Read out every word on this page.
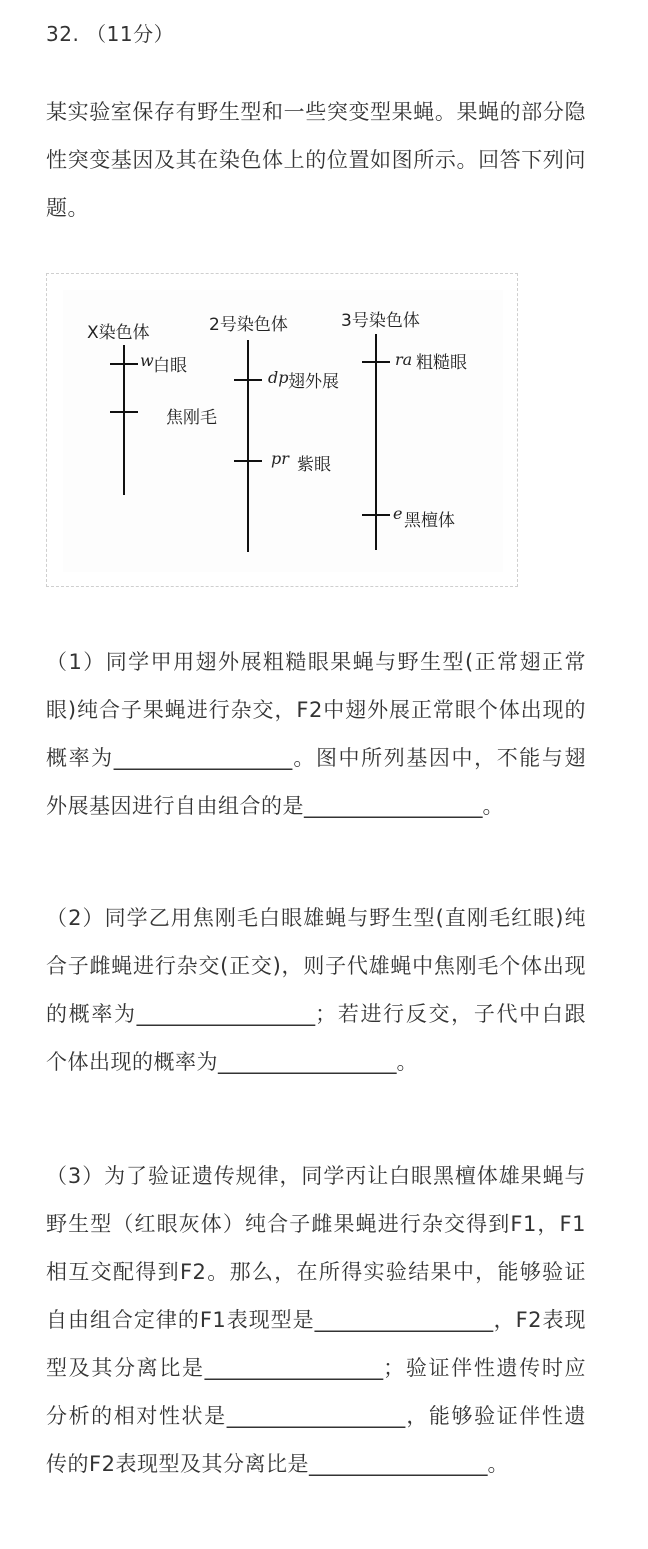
32. （11分）
某实验室保存有野生型和一些突变型果蝇。果蝇的部分隐性突变基因及其在染色体上的位置如图所示。回答下列问题。
X染色体
w 白眼
焦刚毛
2号染色体
dp 翅外展
pr 紫眼
3号染色体
ra 粗糙眼
e 黑檀体
（1）同学甲用翅外展粗糙眼果蝇与野生型(正常翅正常眼)纯合子果蝇进行杂交，F2中翅外展正常眼个体出现的概率为_________________。图中所列基因中，不能与翅外展基因进行自由组合的是_________________。
（2）同学乙用焦刚毛白眼雄蝇与野生型(直刚毛红眼)纯合子雌蝇进行杂交(正交)，则子代雄蝇中焦刚毛个体出现的概率为_________________；若进行反交，子代中白跟个体出现的概率为_________________。
（3）为了验证遗传规律，同学丙让白眼黑檀体雄果蝇与野生型（红眼灰体）纯合子雌果蝇进行杂交得到F1，F1相互交配得到F2。那么，在所得实验结果中，能够验证自由组合定律的F1表现型是_________________，F2表现型及其分离比是_________________；验证伴性遗传时应分析的相对性状是_________________，能够验证伴性遗传的F2表现型及其分离比是_________________。
